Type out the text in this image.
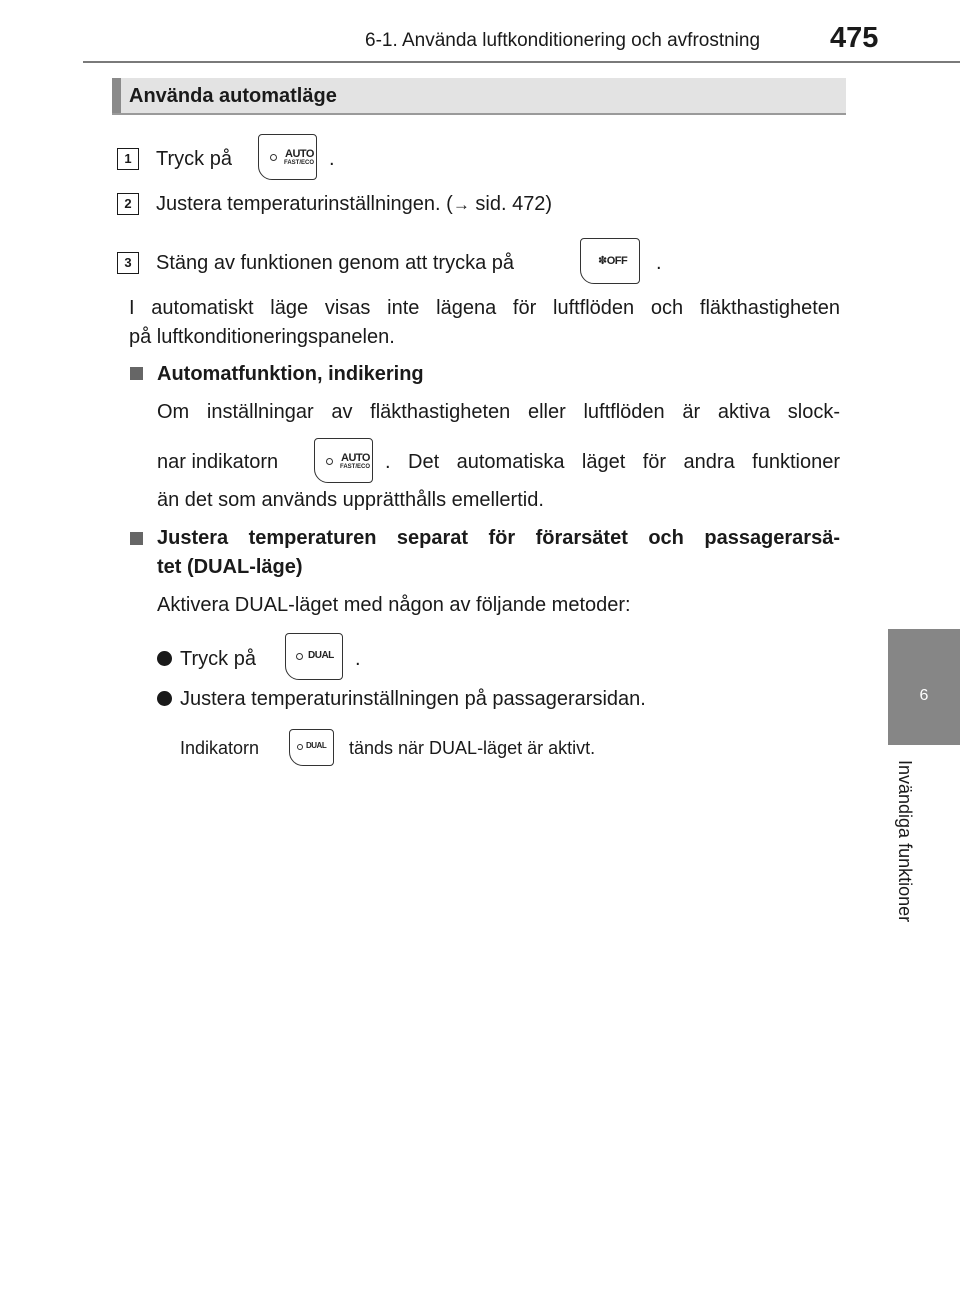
6-1. Använda luftkonditionering och avfrostning 475
6
Invändiga funktioner
Använda automatläge
1	Tryck på	AUTO
FAST/ECO .
2	Justera temperaturinställningen. (→ sid. 472)
3	Stäng av funktionen genom att trycka på	✽OFF .
I automatiskt läge visas inte lägena för luftflöden och fläkthastigheten
på luftkonditioneringspanelen.
Automatfunktion, indikering
Om inställningar av fläkthastigheten eller luftflöden är aktiva slock-
nar indikatorn	AUTO
FAST/ECO . Det automatiska läget för andra funktioner
än det som används upprätthålls emellertid.
Justera temperaturen separat för förarsätet och passagerarsä-
tet (DUAL-läge)
Aktivera DUAL-läget med någon av följande metoder:
Tryck på	DUAL .
Justera temperaturinställningen på passagerarsidan.
Indikatorn	DUAL tänds när DUAL-läget är aktivt.
